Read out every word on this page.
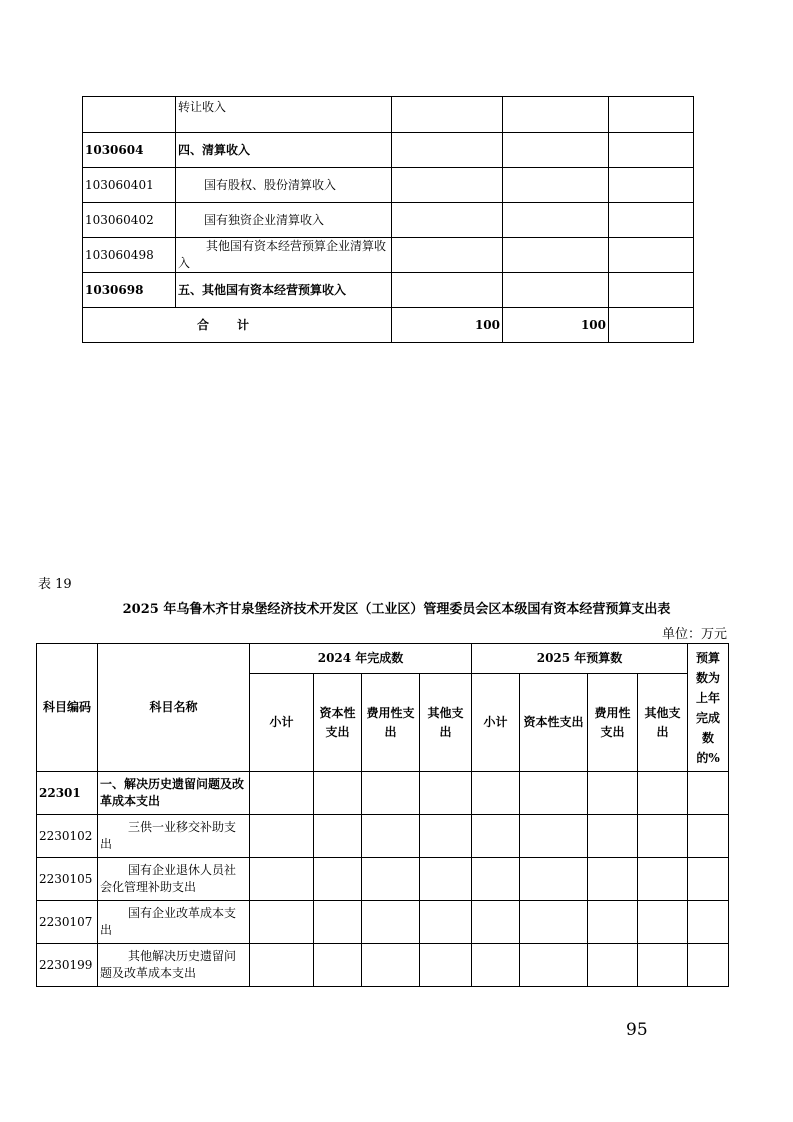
	转让收入			
1030604	四、清算收入			
103060401	国有股权、股份清算收入			
103060402	国有独资企业清算收入			
103060498	其他国有资本经营预算企业清算收入			
1030698	五、其他国有资本经营预算收入			
合计		100	100	
表 19
2025 年乌鲁木齐甘泉堡经济技术开发区（工业区）管理委员会区本级国有资本经营预算支出表
单位：万元
科目编码	科目名称	2024 年完成数				2025 年预算数				预算数为上年完成数的%
		小计	资本性支出	费用性支出	其他支出	小计	资本性支出	费用性支出	其他支出	
22301	一、解决历史遗留问题及改革成本支出									
2230102	三供一业移交补助支出									
2230105	国有企业退休人员社会化管理补助支出									
2230107	国有企业改革成本支出									
2230199	其他解决历史遗留问题及改革成本支出									
95
